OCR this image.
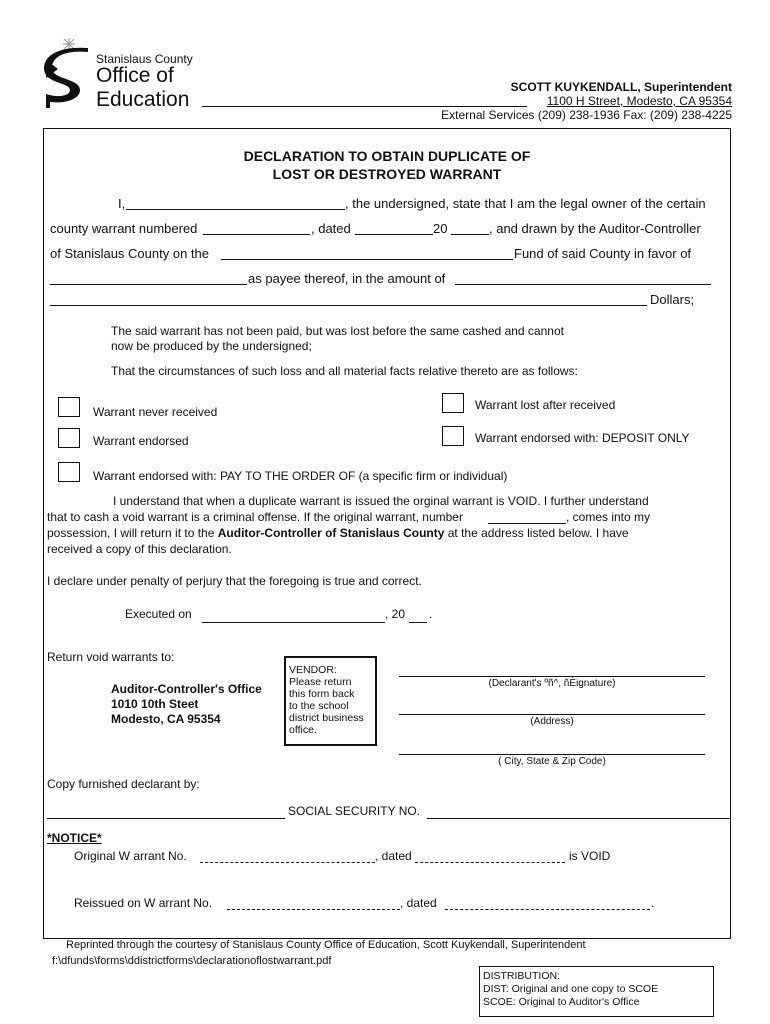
Stanislaus County
Office of
Education
SCOTT KUYKENDALL, Superintendent
1100 H Street, Modesto, CA 95354
External Services (209) 238-1936 Fax: (209) 238-4225
DECLARATION TO OBTAIN DUPLICATE OF
LOST OR DESTROYED WARRANT
I,	, the undersigned, state that I am the legal owner of the certain
county warrant numbered	, dated	20	, and drawn by the Auditor-Controller
of Stanislaus County on the	Fund of said County in favor of
as payee thereof, in the amount of
Dollars;
The said warrant has not been paid, but was lost before the same cashed and cannot
now be produced by the undersigned;
That the circumstances of such loss and all material facts relative thereto are as follows:
Warrant never received	Warrant lost after received
Warrant endorsed	Warrant endorsed with: DEPOSIT ONLY
Warrant endorsed with: PAY TO THE ORDER OF (a specific firm or individual)
I understand that when a duplicate warrant is issued the orginal warrant is VOID. I further understand
that to cash a void warrant is a criminal offense. If the original warrant, number	, comes into my
possession, I will return it to the Auditor-Controller of Stanislaus County at the address listed below. I have
received a copy of this declaration.
I declare under penalty of perjury that the foregoing is true and correct.
Executed on	, 20 .
Return void warrants to:
Auditor-Controller's Office
1010 10th Steet
Modesto, CA 95354
VENDOR:
Please return
this form back
to the school
district business
office.
(Declarant's ºñ^, ñÈignature)
(Address)
( City, State & Zip Code)
Copy furnished declarant by:
SOCIAL SECURITY NO.
*NOTICE*
Original W arrant No.	, dated	is VOID
Reissued on W arrant No.	, dated	.
Reprinted through the courtesy of Stanislaus County Office of Education, Scott Kuykendall, Superintendent
f:\dfunds\forms\ddistrictforms\declarationoflostwarrant.pdf
DISTRIBUTION:
DIST: Original and one copy to SCOE
SCOE: Original to Auditor's Office
